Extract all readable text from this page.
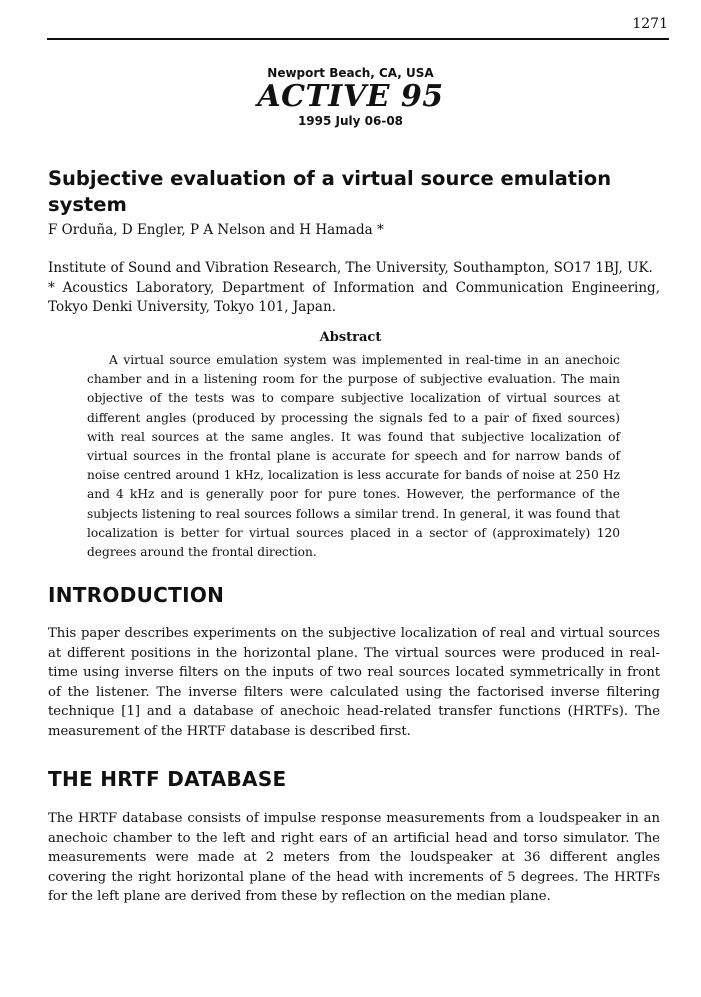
1271
Newport Beach, CA, USA
ACTIVE 95
1995 July 06-08
Subjective evaluation of a virtual source emulation system
F Orduña, D Engler, P A Nelson and H Hamada *

Institute of Sound and Vibration Research, The University, Southampton, SO17 1BJ, UK.

* Acoustics Laboratory, Department of Information and Communication Engineering, Tokyo Denki University, Tokyo 101, Japan.

Abstract

A virtual source emulation system was implemented in real-time in an anechoic chamber and in a listening room for the purpose of subjective evaluation. The main objective of the tests was to compare subjective localization of virtual sources at different angles (produced by processing the signals fed to a pair of fixed sources) with real sources at the same angles. It was found that subjective localization of virtual sources in the frontal plane is accurate for speech and for narrow bands of noise centred around 1 kHz, localization is less accurate for bands of noise at 250 Hz and 4 kHz and is generally poor for pure tones. However, the performance of the subjects listening to real sources follows a similar trend. In general, it was found that localization is better for virtual sources placed in a sector of (approximately) 120 degrees around the frontal direction.

INTRODUCTION

This paper describes experiments on the subjective localization of real and virtual sources at different positions in the horizontal plane. The virtual sources were produced in real-time using inverse filters on the inputs of two real sources located symmetrically in front of the listener. The inverse filters were calculated using the factorised inverse filtering technique [1] and a database of anechoic head-related transfer functions (HRTFs). The measurement of the HRTF database is described first.

THE HRTF DATABASE

The HRTF database consists of impulse response measurements from a loudspeaker in an anechoic chamber to the left and right ears of an artificial head and torso simulator. The measurements were made at 2 meters from the loudspeaker at 36 different angles covering the right horizontal plane of the head with increments of 5 degrees. The HRTFs for the left plane are derived from these by reflection on the median plane.
